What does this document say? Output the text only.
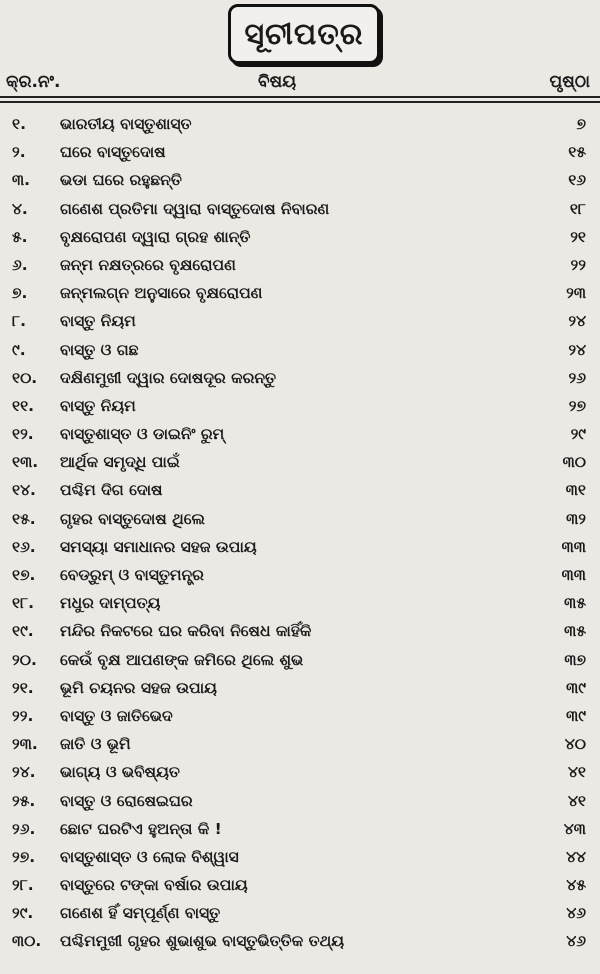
ସୂଚୀପତ୍ର
କ୍ର.ନଂ.	ବିଷୟ	ପୃଷ୍ଠା
୧.	ଭାରତୀୟ ବାସ୍ତୁଶାସ୍ତ	୭
୨.	ଘରେ ବାସ୍ତୁଦୋଷ	୧୫
୩.	ଭଡା ଘରେ ରହୁଛନ୍ତି	୧୬
୪.	ଗଣେଶ ପ୍ରତିମା ଦ୍ୱାରା ବାସ୍ତୁଦୋଷ ନିବାରଣ	୧୮
୫.	ବୃକ୍ଷରୋପଣ ଦ୍ୱାରା ଗ୍ରହ ଶାନ୍ତି	୨୧
୬.	ଜନ୍ମ ନକ୍ଷତ୍ରରେ ବୃକ୍ଷରୋପଣ	୨୨
୭.	ଜନ୍ମଲଗ୍ନ ଅନୁସାରେ ବୃକ୍ଷରୋପଣ	୨୩
୮.	ବାସ୍ତୁ ନିୟମ	୨୪
୯.	ବାସ୍ତୁ ଓ ଗଛ	୨୪
୧୦.	ଦକ୍ଷିଣମୁଖୀ ଦ୍ୱାର ଦୋଷଦୂର କରନ୍ତୁ	୨୬
୧୧.	ବାସ୍ତୁ ନିୟମ	୨୭
୧୨.	ବାସ୍ତୁଶାସ୍ତ ଓ ଡାଇନିଂ ରୁମ୍	୨୯
୧୩.	ଆର୍ଥିକ ସମୃଦ୍ଧି ପାଇଁ	୩୦
୧୪.	ପଶ୍ଚିମ ଦିଗ ଦୋଷ	୩୧
୧୫.	ଗୃହର ବାସ୍ତୁଦୋଷ ଥିଲେ	୩୨
୧୬.	ସମସ୍ୟା ସମାଧାନର ସହଜ ଉପାୟ	୩୩
୧୭.	ବେଡ୍‌ରୁମ୍ ଓ ବାସ୍ତୁମନ୍ତ୍ର	୩୩
୧୮.	ମଧୁର ଦାମ୍ପତ୍ୟ	୩୫
୧୯.	ମନ୍ଦିର ନିକଟରେ ଘର କରିବା ନିଷେଧ କାହିଁକି	୩୫
୨୦.	କେଉଁ ବୃକ୍ଷ ଆପଣଙ୍କ ଜମିରେ ଥିଲେ ଶୁଭ	୩୭
୨୧.	ଭୂମି ଚୟନର ସହଜ ଉପାୟ	୩୯
୨୨.	ବାସ୍ତୁ ଓ ଜାତିଭେଦ	୩୯
୨୩.	ଜାତି ଓ ଭୂମି	୪୦
୨୪.	ଭାଗ୍ୟ ଓ ଭବିଷ୍ୟତ	୪୧
୨୫.	ବାସ୍ତୁ ଓ ରୋଷେଇଘର	୪୧
୨୬.	ଛୋଟ ଘରଟିଏ ହୁଅନ୍ତା କି !	୪୩
୨୭.	ବାସ୍ତୁଶାସ୍ତ ଓ ଲୋକ ବିଶ୍ୱାସ	୪୪
୨୮.	ବାସ୍ତୁରେ ଟଙ୍କା ବର୍ଷାର ଉପାୟ	୪୫
୨୯.	ଗଣେଶ ହିଁ ସମ୍ପୂର୍ଣ୍ଣ ବାସ୍ତୁ	୪୬
୩୦.	ପଶ୍ଚିମମୁଖୀ ଗୃହର ଶୁଭାଶୁଭ ବାସ୍ତୁଭିତ୍ତିକ ତଥ୍ୟ	୪୬
